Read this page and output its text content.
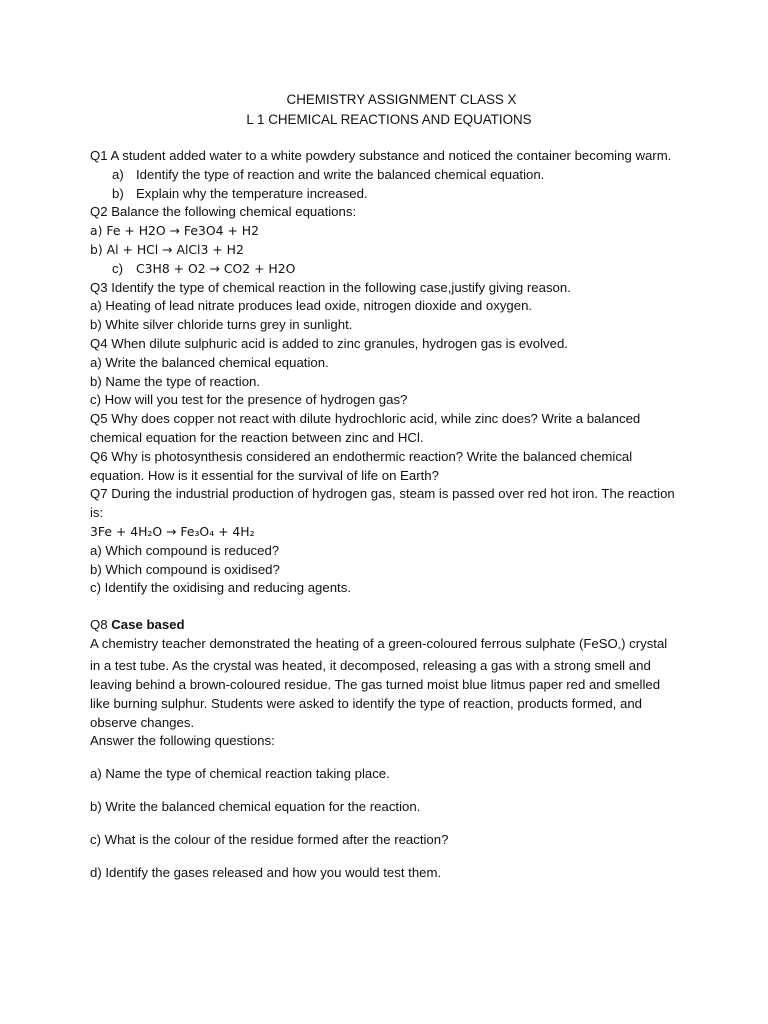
CHEMISTRY ASSIGNMENT CLASS X
L 1 CHEMICAL REACTIONS AND EQUATIONS
Q1 A student added water to a white powdery substance and noticed the container becoming warm.
a) Identify the type of reaction and write the balanced chemical equation.
b) Explain why the temperature increased.
Q2 Balance the following chemical equations:
a) Fe + H2O → Fe3O4 + H2
b) Al + HCl → AlCl3 + H2
c)	C3H8 + O2 → CO2 + H2O
Q3 Identify the type of chemical reaction in the following case,justify giving reason.
a) Heating of lead nitrate produces lead oxide, nitrogen dioxide and oxygen.
b) White silver chloride turns grey in sunlight.
Q4 When dilute sulphuric acid is added to zinc granules, hydrogen gas is evolved.
a) Write the balanced chemical equation.
b) Name the type of reaction.
c) How will you test for the presence of hydrogen gas?
Q5 Why does copper not react with dilute hydrochloric acid, while zinc does? Write a balanced chemical equation for the reaction between zinc and HCl.
Q6 Why is photosynthesis considered an endothermic reaction? Write the balanced chemical equation. How is it essential for the survival of life on Earth?
Q7 During the industrial production of hydrogen gas, steam is passed over red hot iron. The reaction is:
3Fe + 4H₂O → Fe₃O₄ + 4H₂
a) Which compound is reduced?
b) Which compound is oxidised?
c) Identify the oxidising and reducing agents.
Q8 Case based
A chemistry teacher demonstrated the heating of a green-coloured ferrous sulphate (FeSO₄) crystal in a test tube. As the crystal was heated, it decomposed, releasing a gas with a strong smell and leaving behind a brown-coloured residue. The gas turned moist blue litmus paper red and smelled like burning sulphur. Students were asked to identify the type of reaction, products formed, and observe changes.
Answer the following questions:
a) Name the type of chemical reaction taking place.
b) Write the balanced chemical equation for the reaction.
c) What is the colour of the residue formed after the reaction?
d) Identify the gases released and how you would test them.
